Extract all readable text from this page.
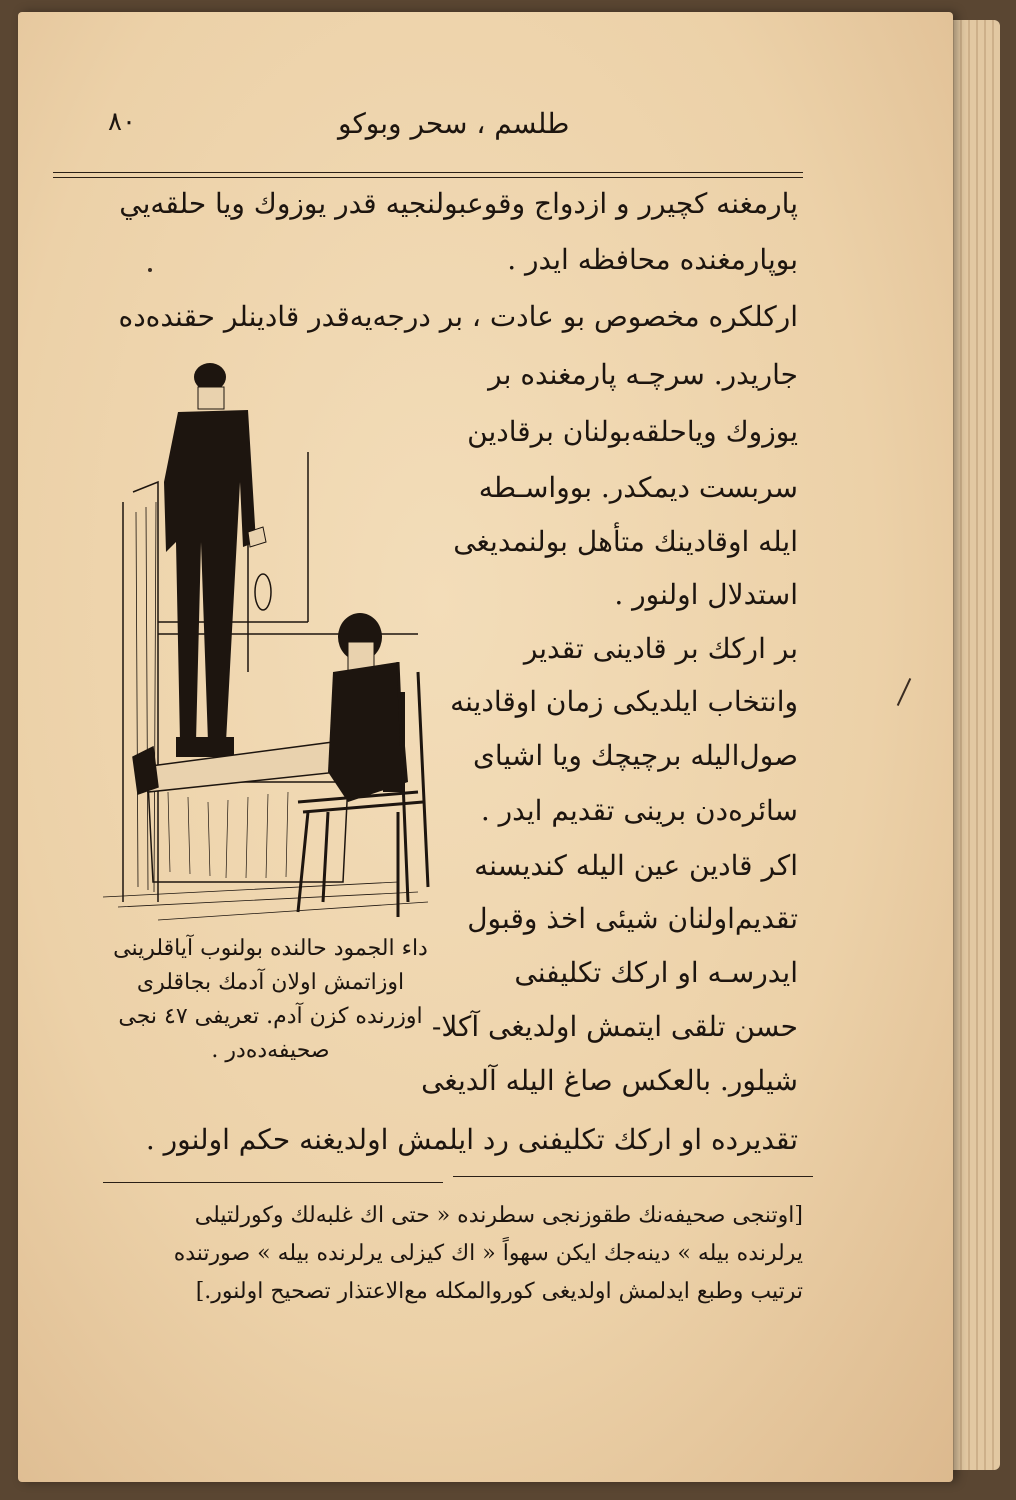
٨٠	طلسم ، سحر وبوكو
پارمغنه كچيرر و ازدواج وقوعبولنجيه قدر يوزوك ويا حلقه‌يي
بوپارمغنده محافظه ايدر .
اركلكره مخصوص بو عادت ، بر درجه‌يه‌قدر قادينلر حقنده‌ده
جاريدر. سرچـه پارمغنده بر
يوزوك وياحلقه‌بولنان برقادين
سربست ديمكدر. بوواسـطه
ايله اوقادينك متأهل بولنمديغى
استدلال اولنور .
بر اركك بر قادينى تقدير
وانتخاب ايلديكى زمان اوقادينه
صول‌اليله برچيچك ويا اشياى
سائره‌دن برينى تقديم ايدر .
اكر قادين عين اليله كنديسنه
تقديم‌اولنان شيئى اخذ وقبول
ايدرسـه او اركك تكليفنى
حسن تلقى ايتمش اولديغى آكلا-
شيلور. بالعكس صاغ اليله آلديغى
تقديرده او اركك تكليفنى رد ايلمش اولديغنه حكم اولنور .
داء الجمود حالنده بولنوب آياقلرينى
اوزاتمش اولان آدمك بجاقلرى
اوزرنده كزن آدم. تعريفى ٤٧ نجى
صحيفه‌ده‌در .
[اوتنجى صحيفه‌نك طقوزنجى سطرنده « حتى اك غلبه‌لك وكورلتيلى
يرلرنده بيله » دينه‌جك ايكن سهواً « اك كيزلى يرلرنده بيله » صورتنده
ترتيب وطبع ايدلمش اولديغى كوروالمكله مع‌الاعتذار تصحيح اولنور.]
